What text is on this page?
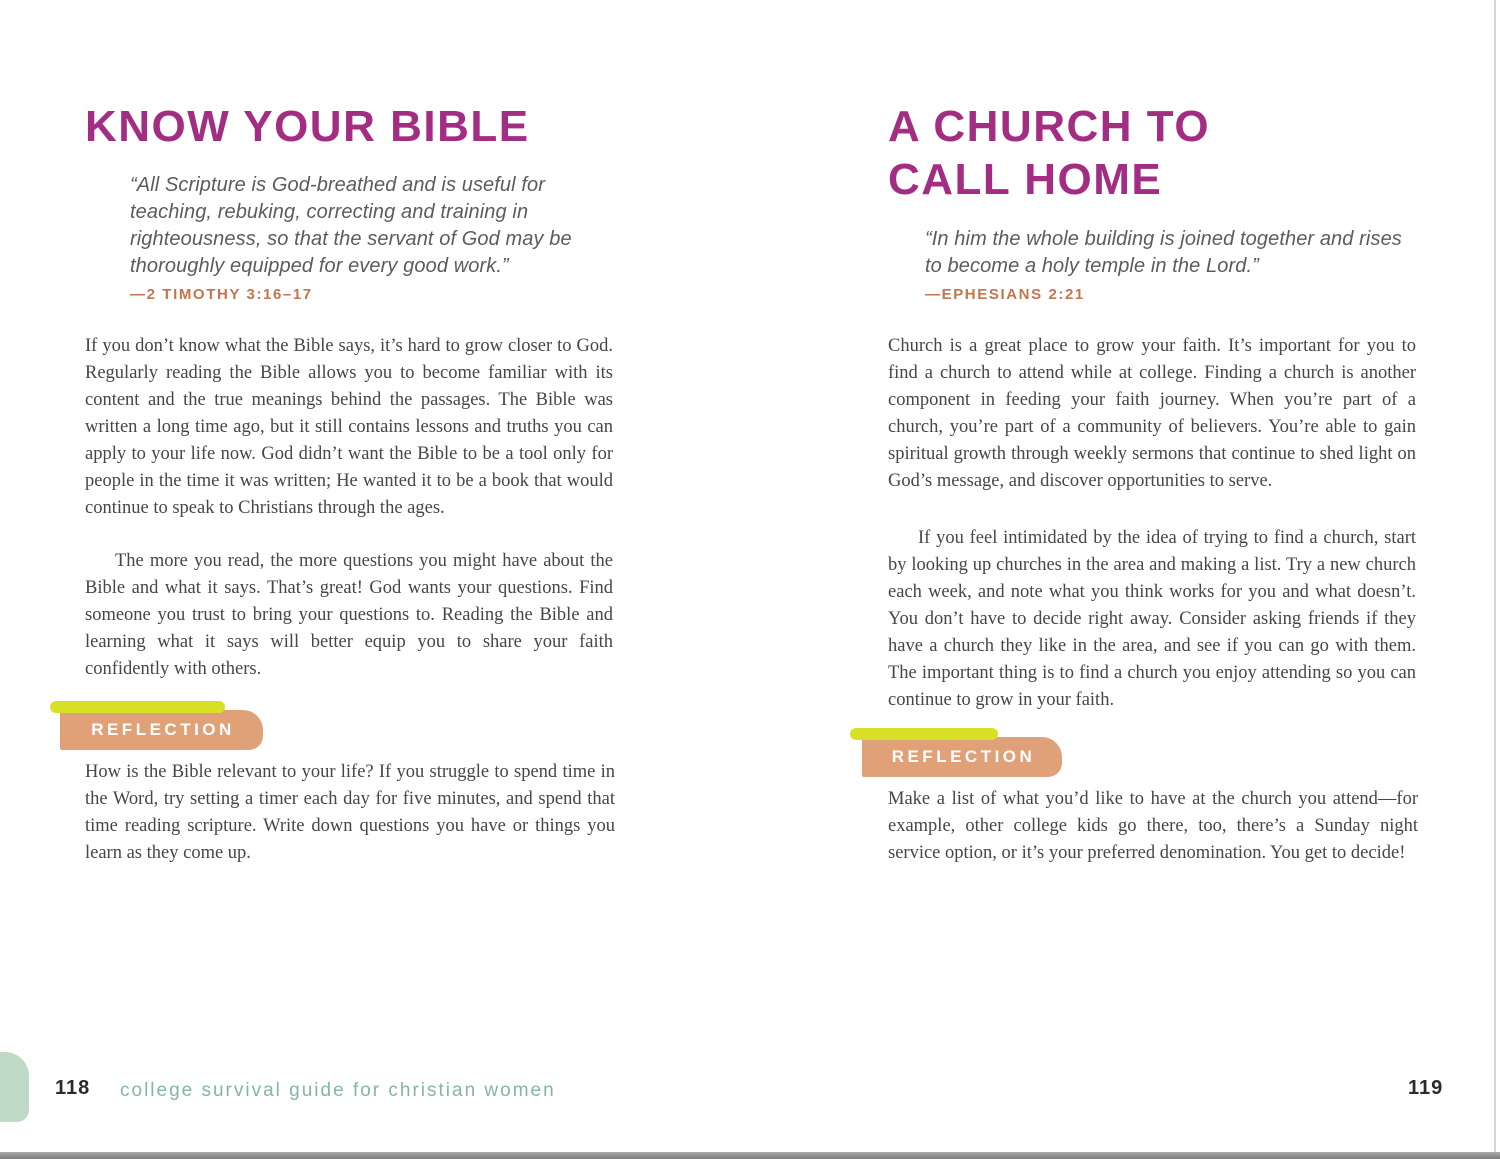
KNOW YOUR BIBLE
“All Scripture is God-breathed and is useful for teaching, rebuking, correcting and training in righteousness, so that the servant of God may be thoroughly equipped for every good work.”
—2 TIMOTHY 3:16–17

If you don’t know what the Bible says, it’s hard to grow closer to God. Regularly reading the Bible allows you to become familiar with its content and the true meanings behind the passages. The Bible was written a long time ago, but it still contains lessons and truths you can apply to your life now. God didn’t want the Bible to be a tool only for people in the time it was written; He wanted it to be a book that would continue to speak to Christians through the ages.

The more you read, the more questions you might have about the Bible and what it says. That’s great! God wants your questions. Find someone you trust to bring your questions to. Reading the Bible and learning what it says will better equip you to share your faith confidently with others.

REFLECTION

How is the Bible relevant to your life? If you struggle to spend time in the Word, try setting a timer each day for five minutes, and spend that time reading scripture. Write down questions you have or things you learn as they come up.

118 college survival guide for christian women
A CHURCH TO
CALL HOME
“In him the whole building is joined together and rises to become a holy temple in the Lord.”
—EPHESIANS 2:21

Church is a great place to grow your faith. It’s important for you to find a church to attend while at college. Finding a church is another component in feeding your faith journey. When you’re part of a church, you’re part of a community of believers. You’re able to gain spiritual growth through weekly sermons that continue to shed light on God’s message, and discover opportunities to serve.

If you feel intimidated by the idea of trying to find a church, start by looking up churches in the area and making a list. Try a new church each week, and note what you think works for you and what doesn’t. You don’t have to decide right away. Consider asking friends if they have a church they like in the area, and see if you can go with them. The important thing is to find a church you enjoy attending so you can continue to grow in your faith.

REFLECTION

Make a list of what you’d like to have at the church you attend—for example, other college kids go there, too, there’s a Sunday night service option, or it’s your preferred denomination. You get to decide!

119
